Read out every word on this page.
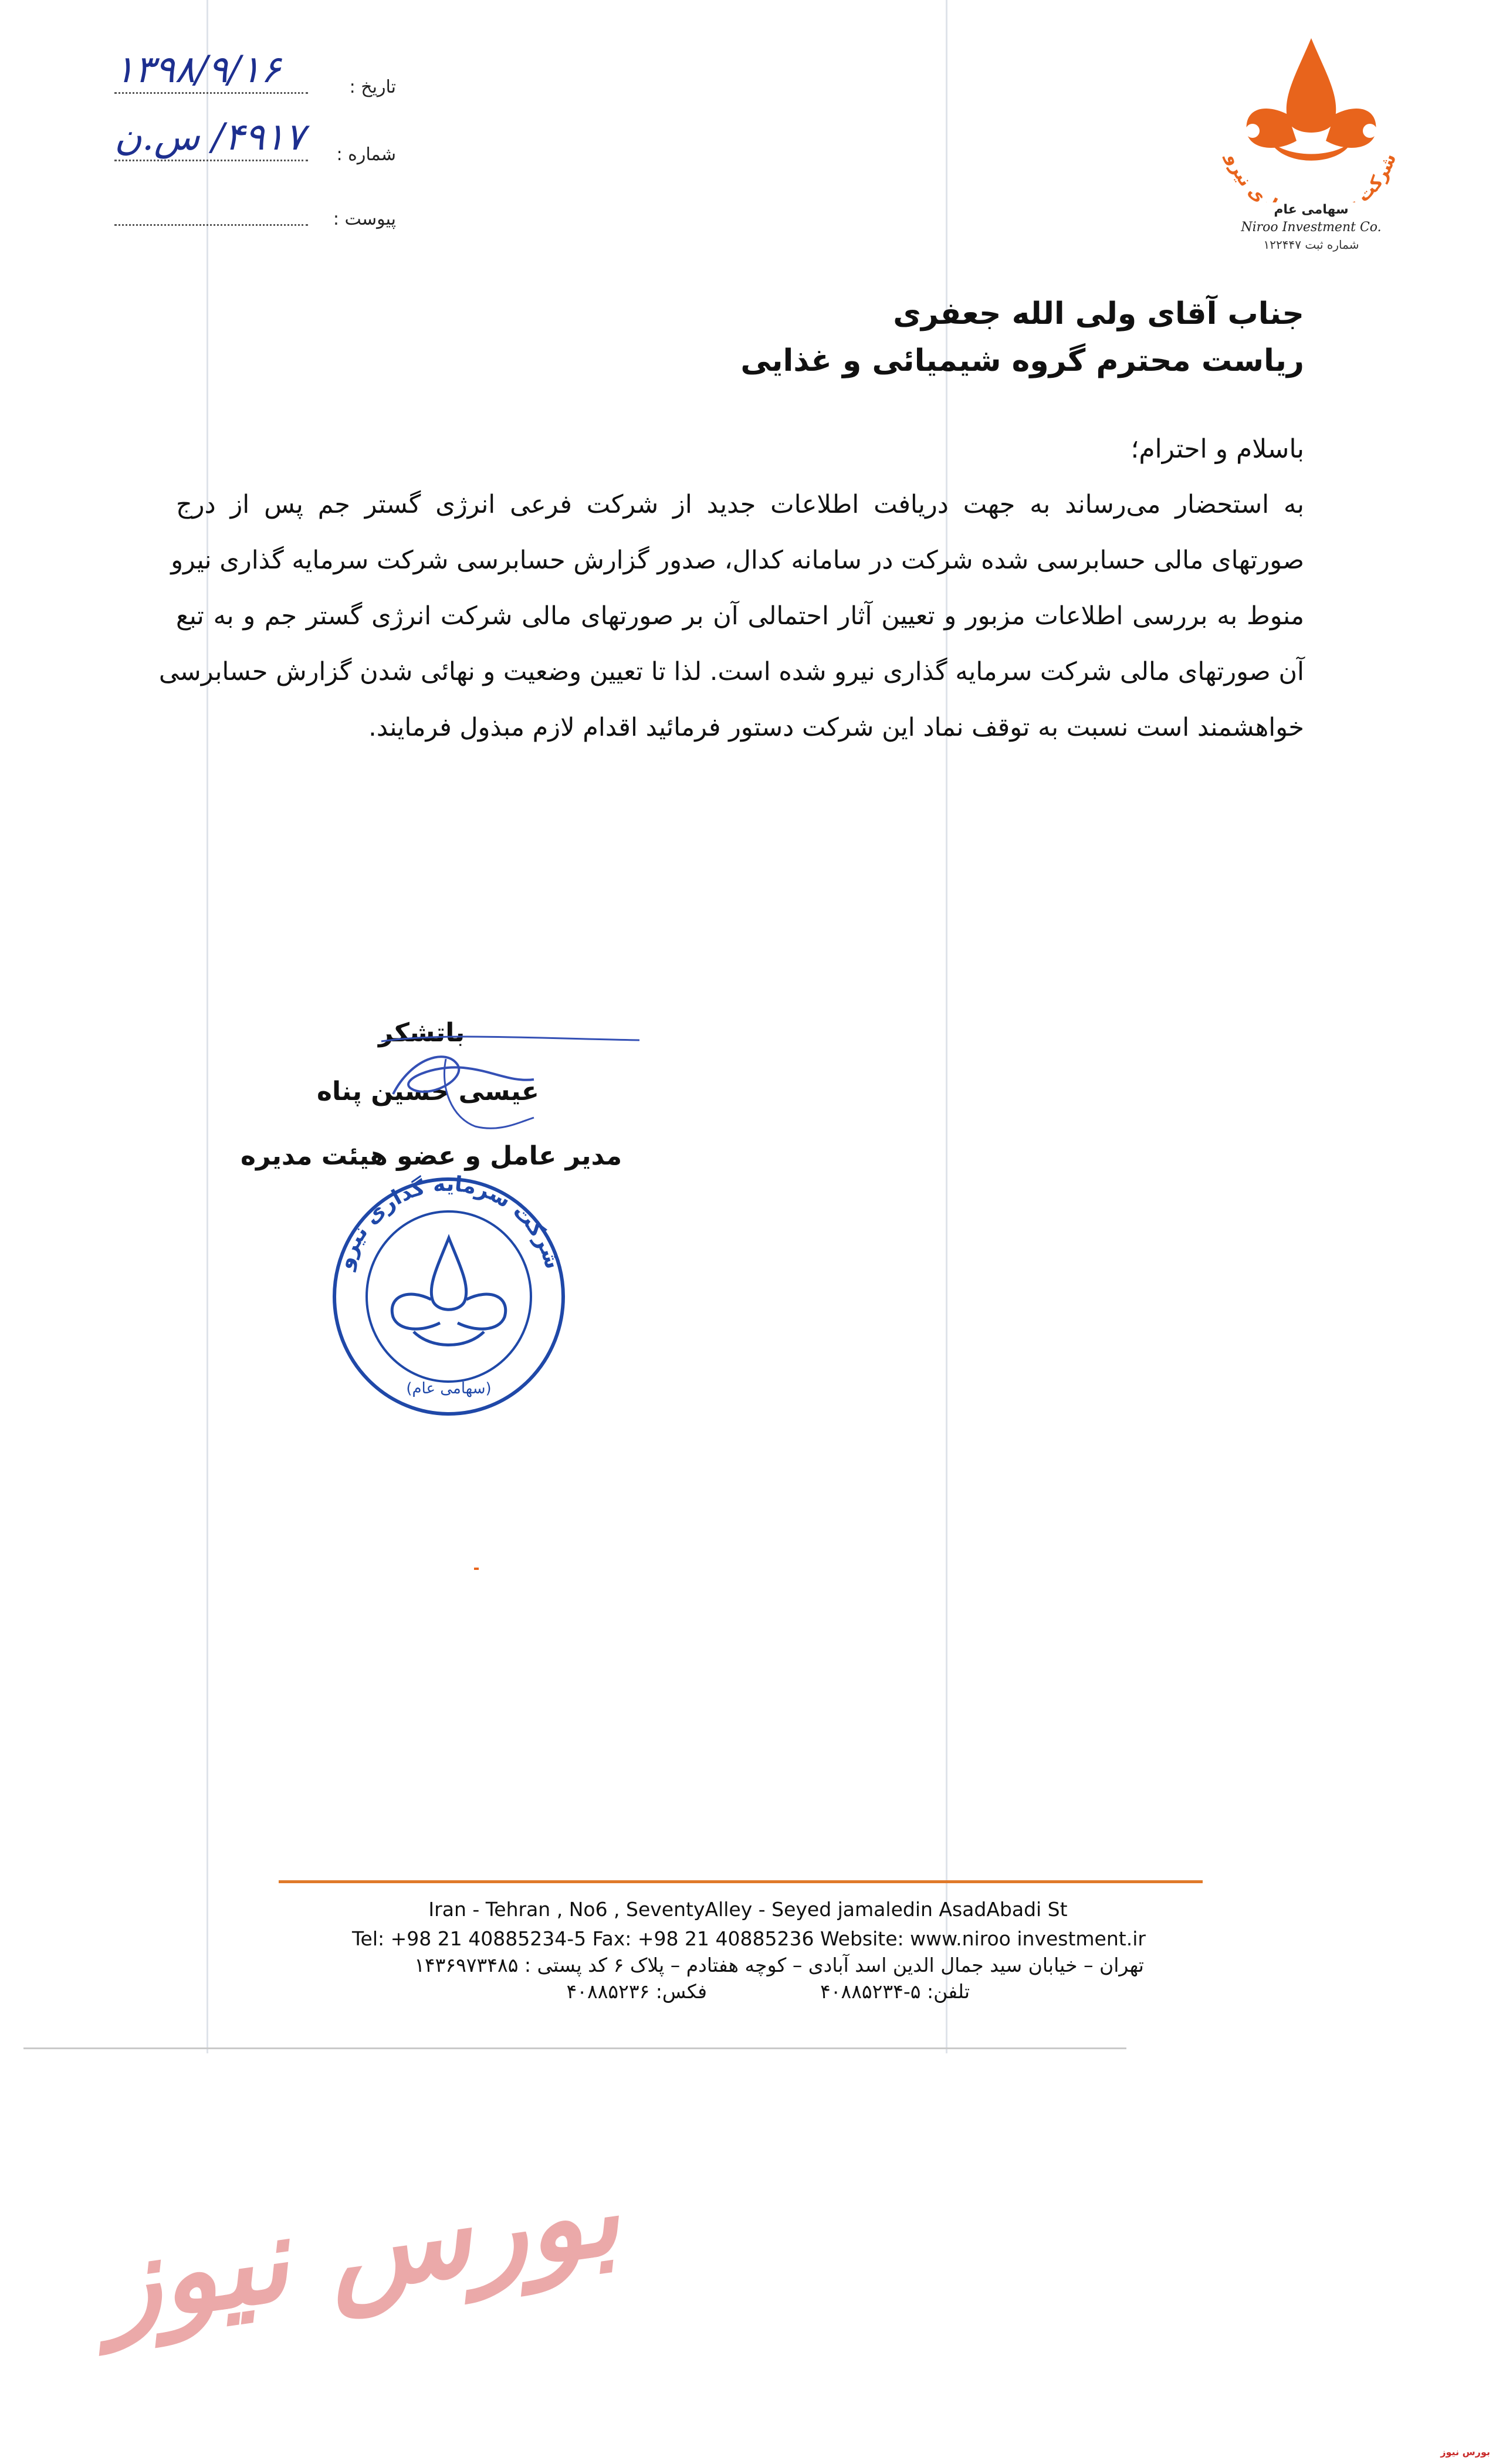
شرکت ری نیرو
سهامی عام
Niroo Investment Co.
شماره ثبت ۱۲۲۴۴۷
۱۳۹۸/۹/۱۶	تاریخ :
۴۹۱۷/ س.ن شماره :
پیوست :
جناب آقای ولی الله جعفری
ریاست محترم گروه شیمیائی و غذایی
باسلام و احترام؛
به استحضار می‌رساند به جهت دریافت اطلاعات جدید از شرکت فرعی انرژی گستر جم پس از درج
صورتهای مالی حسابرسی شده شرکت در سامانه کدال، صدور گزارش حسابرسی شرکت سرمایه گذاری نیرو
منوط به بررسی اطلاعات مزبور و تعیین آثار احتمالی آن بر صورتهای مالی شرکت انرژی گستر جم و به تبع
آن صورتهای مالی شرکت سرمایه گذاری نیرو شده است. لذا تا تعیین وضعیت و نهائی شدن گزارش حسابرسی
خواهشمند است نسبت به توقف نماد این شرکت دستور فرمائید اقدام لازم مبذول فرمایند.
باتشکر
عیسی حسین پناه
مدیر عامل و عضو هیئت مدیره
شرکت سرمایه گذاری نیرو
(سهامی عام)
Iran - Tehran , No6 , SeventyAlley - Seyed jamaledin AsadAbadi St
Tel: +98 21 40885234-5 Fax: +98 21 40885236 Website: www.niroo investment.ir
تهران – خیابان سید جمال الدین اسد آبادی – کوچه هفتادم – پلاک ۶ کد پستی : ۱۴۳۶۹۷۳۴۸۵
تلفن: ۵-۴۰۸۸۵۲۳۴
فکس: ۴۰۸۸۵۲۳۶
بورس نیوز
بورس نیوز
